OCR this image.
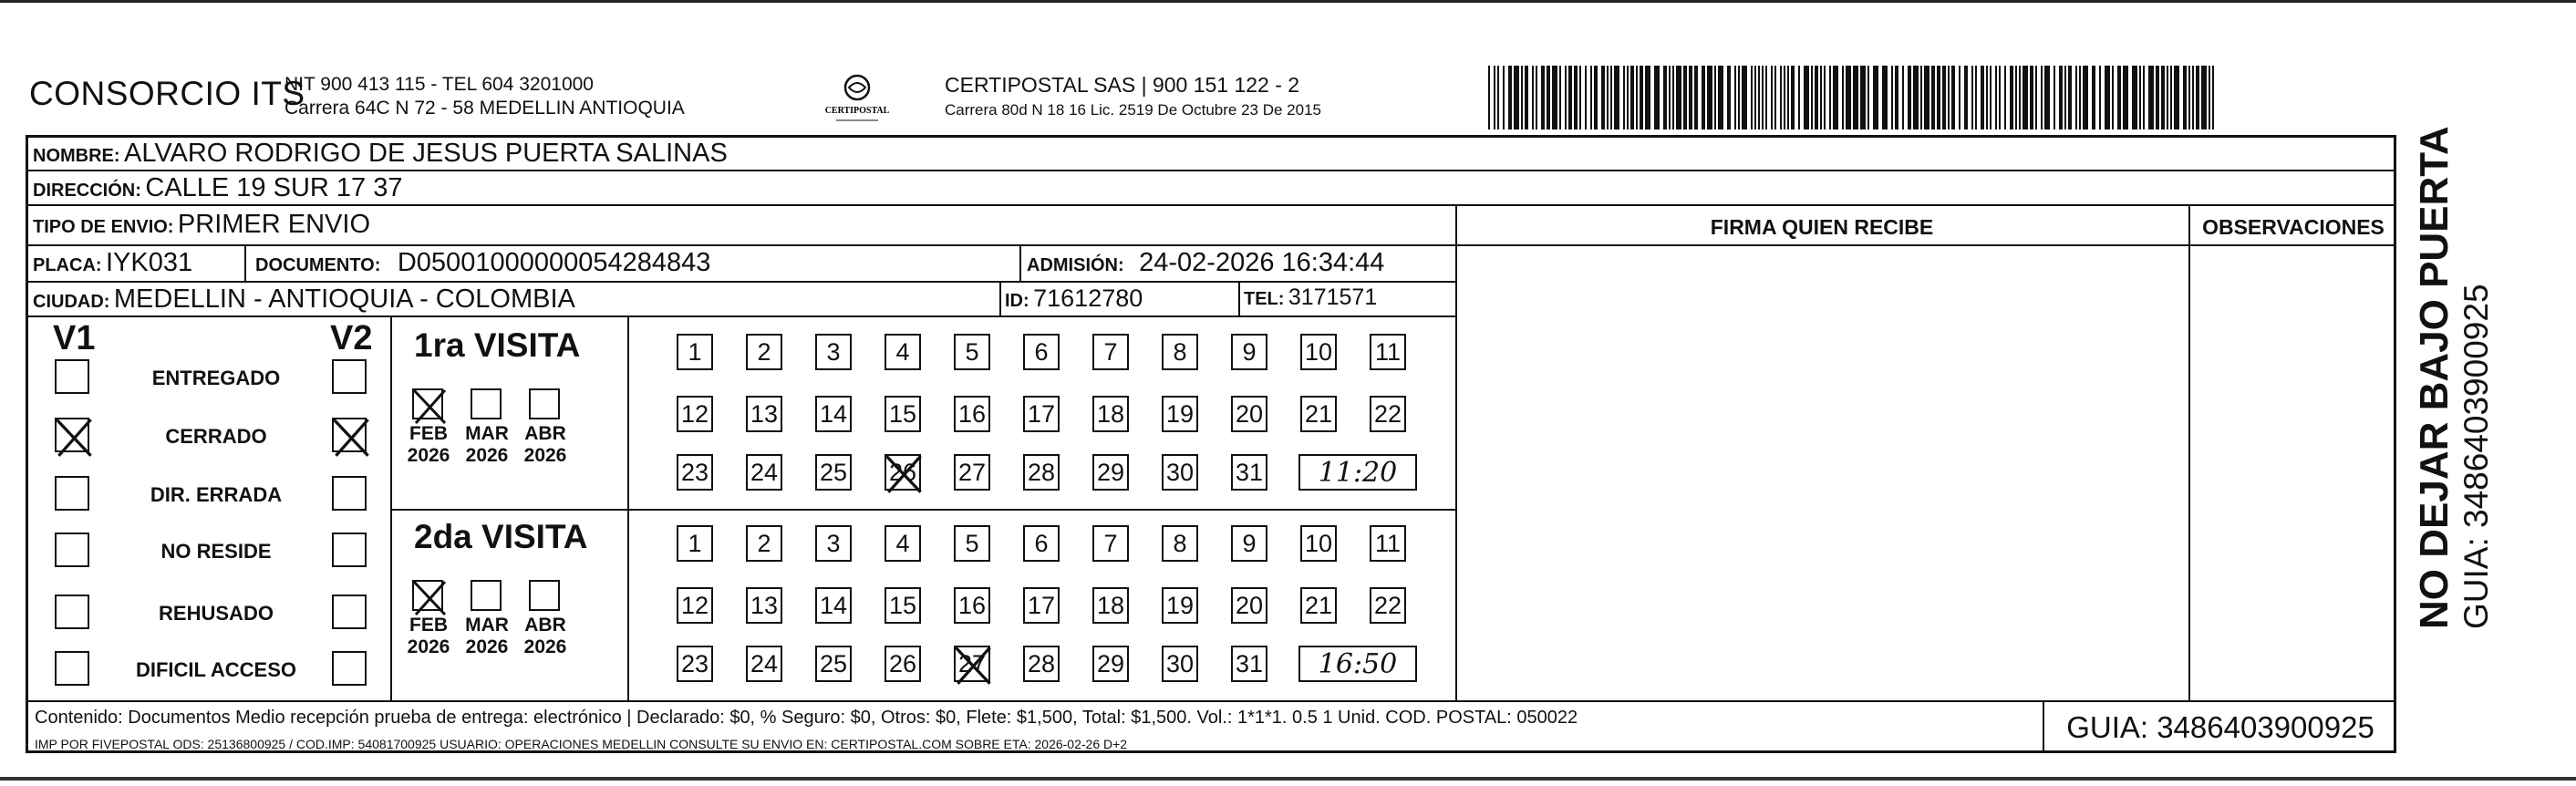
CONSORCIO ITS
NIT 900 413 115 - TEL 604 3201000
Carrera 64C N 72 - 58 MEDELLIN ANTIOQUIA	CERTIPOSTAL
CERTIPOSTAL SAS | 900 151 122 - 2
Carrera 80d N 18 16 Lic. 2519 De Octubre 23 De 2015
NOMBRE: ALVARO RODRIGO DE JESUS PUERTA SALINAS
DIRECCIÓN: CALLE 19 SUR 17 37
TIPO DE ENVIO: PRIMER ENVIO	FIRMA QUIEN RECIBE	OBSERVACIONES
PLACA: IYK031	DOCUMENTO: D05001000000054284843	ADMISIÓN: 24-02-2026 16:34:44
CIUDAD: MEDELLIN - ANTIOQUIA - COLOMBIA	ID: 71612780	TEL: 3171571
V1	V2
ENTREGADO
CERRADO
DIR. ERRADA
NO RESIDE
REHUSADO
DIFICIL ACCESO
1ra VISITA
FEB
2026
MAR
2026
ABR
2026
1 2 3 4 5 6 7 8 9 10 11
12 13 14 15 16 17 18 19 20 21 22
23 24 25 26 27 28 29 30 31	11:20
2da VISITA
FEB
2026
MAR
2026
ABR
2026
1 2 3 4 5 6 7 8 9 10 11
12 13 14 15 16 17 18 19 20 21 22
23 24 25 26 27 28 29 30 31	16:50
Contenido: Documentos Medio recepción prueba de entrega: electrónico | Declarado: $0, % Seguro: $0, Otros: $0, Flete: $1,500, Total: $1,500. Vol.: 1*1*1. 0.5 1 Unid. COD. POSTAL: 050022
IMP POR FIVEPOSTAL ODS: 25136800925 / COD.IMP: 54081700925 USUARIO: OPERACIONES MEDELLIN CONSULTE SU ENVIO EN: CERTIPOSTAL.COM SOBRE ETA: 2026-02-26 D+2	GUIA: 3486403900925
NO DEJAR BAJO PUERTA GUIA: 3486403900925
